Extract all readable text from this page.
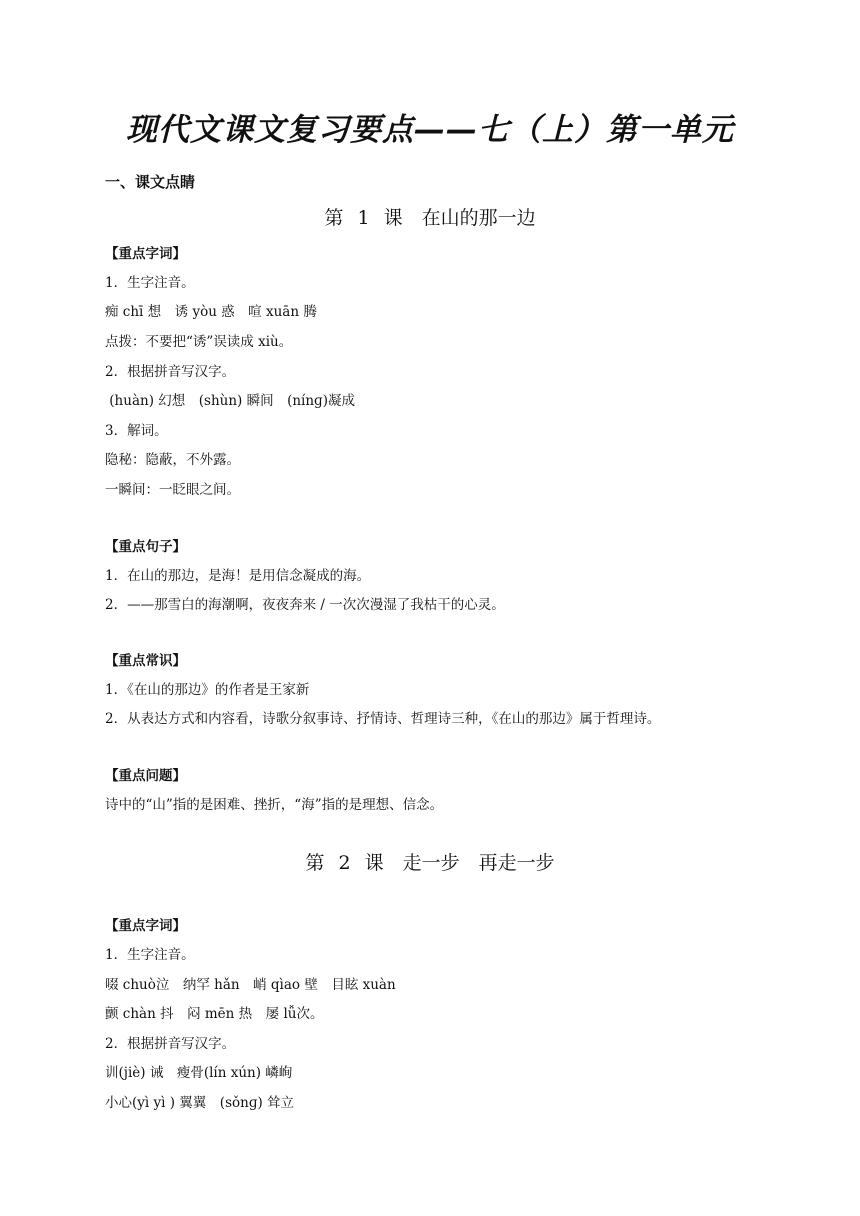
现代文课文复习要点——七（上）第一单元
一、课文点睛
第 1 课　在山的那一边
【重点字词】
1．生字注音。
痴 chī 想　诱 yòu 惑　喧 xuān 腾
点拨：不要把“诱”误读成 xiù。
2．根据拼音写汉字。
(huàn) 幻想　(shùn) 瞬间　(nínɡ)凝成
3．解词。
隐秘：隐蔽，不外露。
一瞬间：一眨眼之间。
【重点句子】
1．在山的那边，是海！是用信念凝成的海。
2．——那雪白的海潮啊，夜夜奔来 / 一次次漫湿了我枯干的心灵。
【重点常识】
1．《在山的那边》的作者是王家新
2．从表达方式和内容看，诗歌分叙事诗、抒情诗、哲理诗三种，《在山的那边》属于哲理诗。
【重点问题】
诗中的“山”指的是困难、挫折，“海”指的是理想、信念。
第 2 课　走一步　再走一步
【重点字词】
1．生字注音。
啜 chuò泣　纳罕 hǎn　峭 qìao 壁　目眩 xuàn
颤 chàn 抖　闷 mēn 热　屡 lǚ次。
2．根据拼音写汉字。
训(jiè) 诫　瘦骨(lín xún) 嶙峋
小心(yì yì ) 翼翼　(sǒnɡ) 耸立
